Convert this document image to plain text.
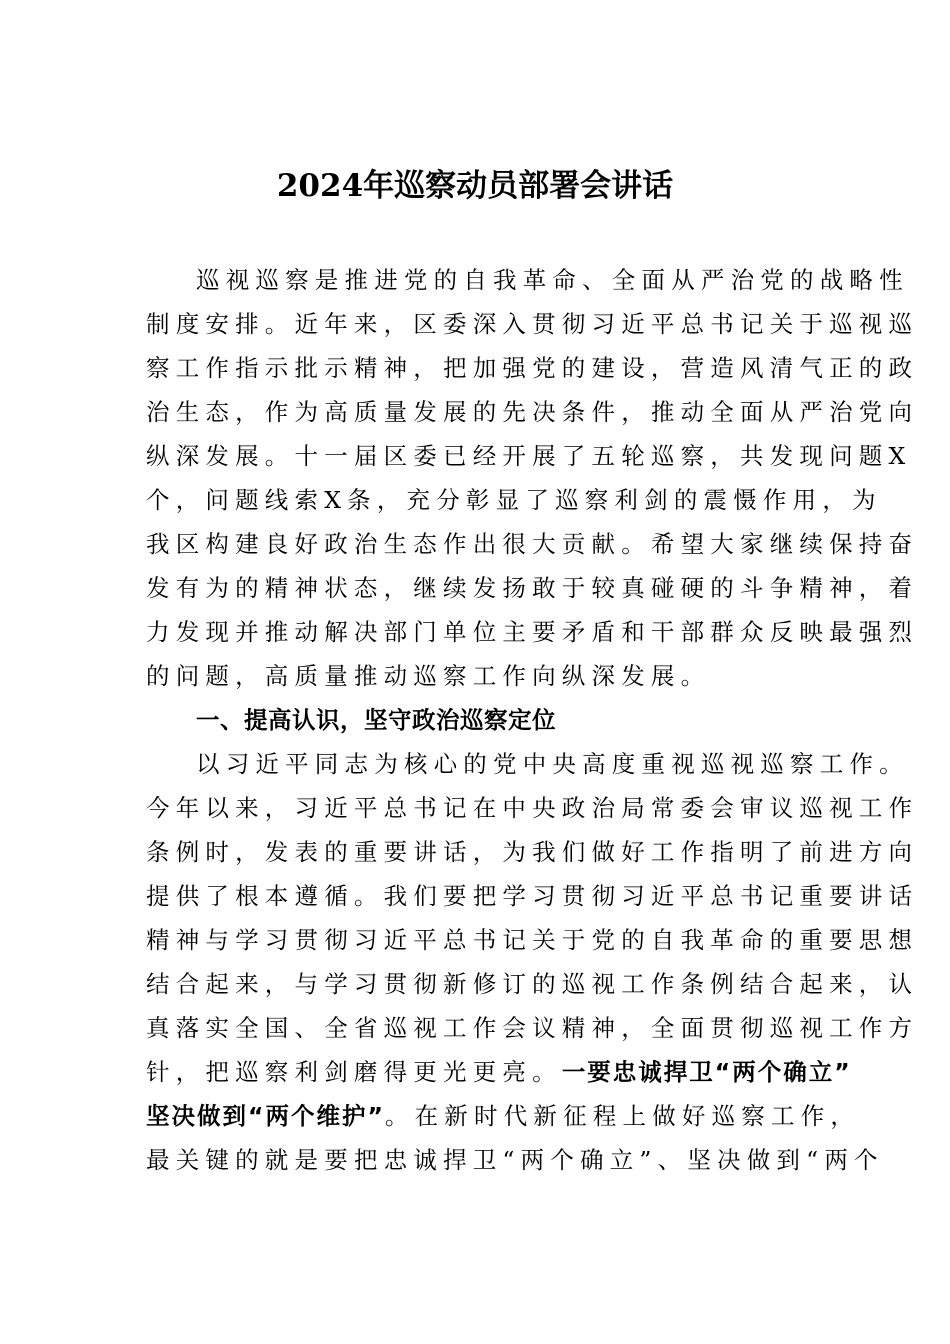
2024年巡察动员部署会讲话
巡视巡察是推进党的自我革命、全面从严治党的战略性
制度安排。近年来，区委深入贯彻习近平总书记关于巡视巡
察工作指示批示精神，把加强党的建设，营造风清气正的政
治生态，作为高质量发展的先决条件，推动全面从严治党向
纵深发展。十一届区委已经开展了五轮巡察，共发现问题X
个，问题线索X条，充分彰显了巡察利剑的震慑作用，为
我区构建良好政治生态作出很大贡献。希望大家继续保持奋
发有为的精神状态，继续发扬敢于较真碰硬的斗争精神，着
力发现并推动解决部门单位主要矛盾和干部群众反映最强烈
的问题，高质量推动巡察工作向纵深发展。
一、提高认识，坚守政治巡察定位
以习近平同志为核心的党中央高度重视巡视巡察工作。
今年以来，习近平总书记在中央政治局常委会审议巡视工作
条例时，发表的重要讲话，为我们做好工作指明了前进方向
提供了根本遵循。我们要把学习贯彻习近平总书记重要讲话
精神与学习贯彻习近平总书记关于党的自我革命的重要思想
结合起来，与学习贯彻新修订的巡视工作条例结合起来，认
真落实全国、全省巡视工作会议精神，全面贯彻巡视工作方
针，把巡察利剑磨得更光更亮。一要忠诚捍卫“两个确立”
坚决做到“两个维护”。在新时代新征程上做好巡察工作，
最关键的就是要把忠诚捍卫“两个确立”、坚决做到“两个
